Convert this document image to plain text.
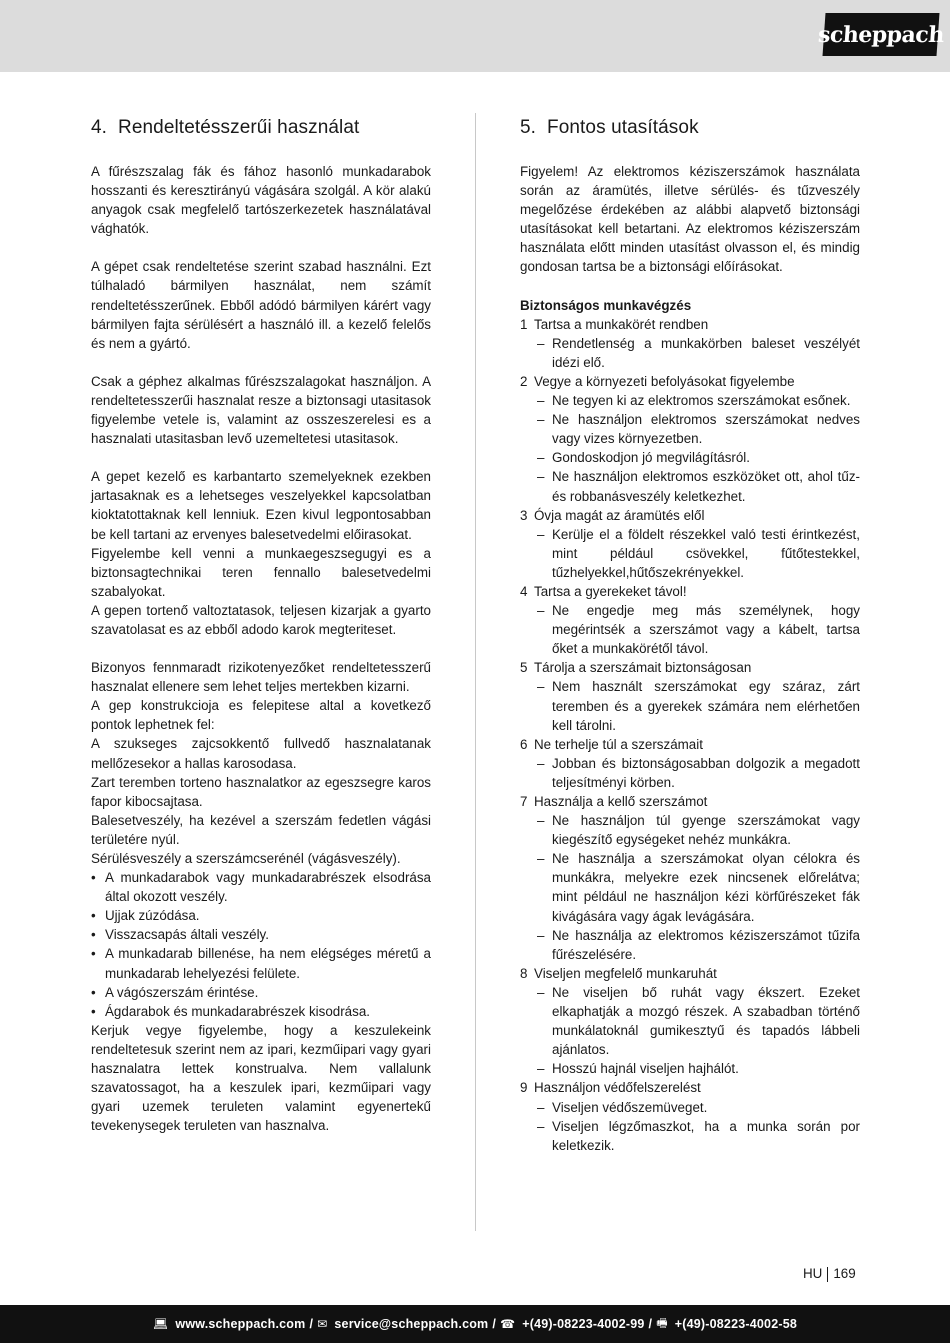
scheppach
4. Rendeltetésszerűi használat
A fűrészszalag fák és fához hasonló munkadarabok hosszanti és keresztirányú vágására szolgál. A kör alakú anyagok csak megfelelő tartószerkezetek használatával vághatók.
A gépet csak rendeltetése szerint szabad használni. Ezt túlhaladó bármilyen használat, nem számít rendeltetésszerűnek. Ebből adódó bármilyen kárért vagy bármilyen fajta sérülésért a használó ill. a kezelő felelős és nem a gyártó.
Csak a géphez alkalmas fűrészszalagokat használjon. A rendeltetesszerűi hasznalat resze a biztonsagi utasitasok figyelembe vetele is, valamint az osszeszerelesi es a hasznalati utasitasban levő uzemeltetesi utasitasok.
A gepet kezelő es karbantarto szemelyeknek ezekben jartasaknak es a lehetseges veszelyekkel kapcsolatban kioktatottaknak kell lenniuk. Ezen kivul legpontosabban be kell tartani az ervenyes balesetvedelmi előirasokat.
Figyelembe kell venni a munkaegeszsegugyi es a biztonsagtechnikai teren fennallo balesetvedelmi szabalyokat.
A gepen tortenő valtoztatasok, teljesen kizarjak a gyarto szavatolasat es az ebből adodo karok megteriteset.
Bizonyos fennmaradt rizikotenyezőket rendeltetesszerű hasznalat ellenere sem lehet teljes mertekben kizarni.
A gep konstrukcioja es felepitese altal a kovetkező pontok lephetnek fel:
A szukseges zajcsokkentő fullvedő hasznalatanak mellőzesekor a hallas karosodasa.
Zart teremben torteno hasznalatkor az egeszsegre karos fapor kibocsajtasa.
Balesetveszély, ha kezével a szerszám fedetlen vágási területére nyúl.
Sérülésveszély a szerszámcserénél (vágásveszély).
• A munkadarabok vagy munkadarabrészek elsodrása által okozott veszély.
• Ujjak zúzódása.
• Visszacsapás általi veszély.
• A munkadarab billenése, ha nem elégséges méretű a munkadarab lehelyezési felülete.
• A vágószerszám érintése.
• Ágdarabok és munkadarabrészek kisodrása.
Kerjuk vegye figyelembe, hogy a keszulekeink rendeltetesuk szerint nem az ipari, kezműipari vagy gyari hasznalatra lettek konstrualva. Nem vallalunk szavatossagot, ha a keszulek ipari, kezműipari vagy gyari uzemek teruleten valamint egyenertekű tevekenysegek teruleten van hasznalva.
5. Fontos utasítások
Figyelem! Az elektromos kéziszerszámok használata során az áramütés, illetve sérülés- és tűzveszély megelőzése érdekében az alábbi alapvető biztonsági utasításokat kell betartani. Az elektromos kéziszerszám használata előtt minden utasítást olvasson el, és mindig gondosan tartsa be a biztonsági előírásokat.
Biztonságos munkavégzés
1 Tartsa a munkakörét rendben
– Rendetlenség a munkakörben baleset veszélyét idézi elő.
2 Vegye a környezeti befolyásokat figyelembe
– Ne tegyen ki az elektromos szerszámokat esőnek.
– Ne használjon elektromos szerszámokat nedves vagy vizes környezetben.
– Gondoskodjon jó megvilágításról.
– Ne használjon elektromos eszközöket ott, ahol tűz- és robbanásveszély keletkezhet.
3 Óvja magát az áramütés elől
– Kerülje el a földelt részekkel való testi érintkezést, mint például csövekkel, fűtőtestekkel, tűzhelyekkel,hűtőszekrényekkel.
4 Tartsa a gyerekeket távol!
– Ne engedje meg más személynek, hogy megérintsék a szerszámot vagy a kábelt, tartsa őket a munkakörétől távol.
5 Tárolja a szerszámait biztonságosan
– Nem használt szerszámokat egy száraz, zárt teremben és a gyerekek számára nem elérhetően kell tárolni.
6 Ne terhelje túl a szerszámait
– Jobban és biztonságosabban dolgozik a megadott teljesítményi körben.
7 Használja a kellő szerszámot
– Ne használjon túl gyenge szerszámokat vagy kiegészítő egységeket nehéz munkákra.
– Ne használja a szerszámokat olyan célokra és munkákra, melyekre ezek nincsenek előrelátva; mint például ne használjon kézi körfűrészeket fák kivágására vagy ágak levágására.
– Ne használja az elektromos kéziszerszámot tűzifa fűrészelésére.
8 Viseljen megfelelő munkaruhát
– Ne viseljen bő ruhát vagy ékszert. Ezeket elkaphatják a mozgó részek. A szabadban történő munkálatoknál gumikesztyű és tapadós lábbeli ajánlatos.
– Hosszú hajnál viseljen hajhálót.
9 Használjon védőfelszerelést
– Viseljen védőszemüveget.
– Viseljen légzőmaszkot, ha a munka során por keletkezik.
HU 169
💻︎ www.scheppach.com / ✉︎ service@scheppach.com / ☎︎ +(49)-08223-4002-99 / 🖷︎ +(49)-08223-4002-58
